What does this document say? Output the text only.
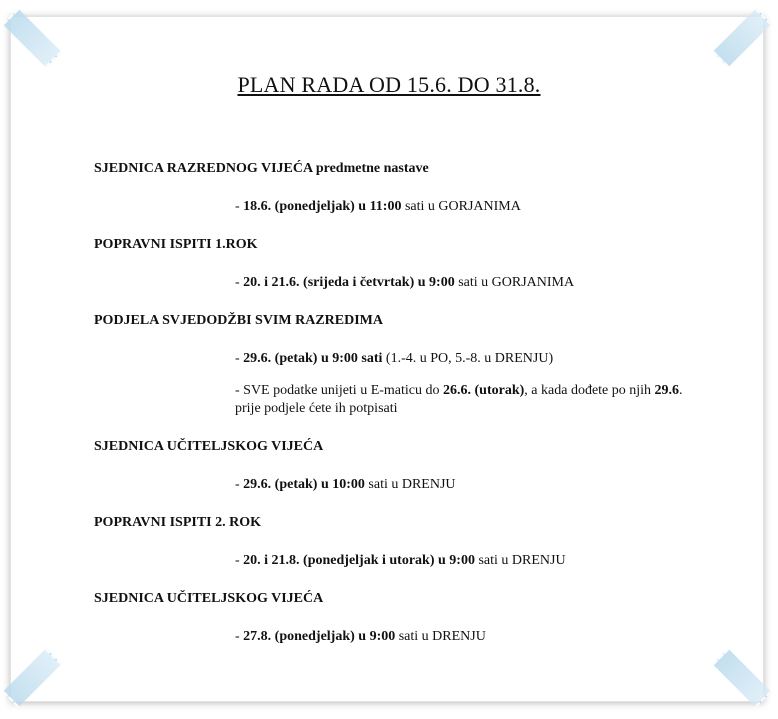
PLAN RADA OD 15.6. DO 31.8.

SJEDNICA RAZREDNOG VIJEĆA predmetne nastave

- 18.6. (ponedjeljak) u 11:00 sati u GORJANIMA

POPRAVNI ISPITI 1.ROK

- 20. i 21.6. (srijeda i četvrtak) u 9:00 sati u GORJANIMA

PODJELA SVJEDODŽBI SVIM RAZREDIMA

- 29.6. (petak) u 9:00 sati (1.-4. u PO, 5.-8. u DRENJU)

- SVE podatke unijeti u E-maticu do 26.6. (utorak), a kada dođete po njih 29.6. prije podjele ćete ih potpisati

SJEDNICA UČITELJSKOG VIJEĆA

- 29.6. (petak) u 10:00 sati u DRENJU

POPRAVNI ISPITI 2. ROK

- 20. i 21.8. (ponedjeljak i utorak) u 9:00 sati u DRENJU

SJEDNICA UČITELJSKOG VIJEĆA

- 27.8. (ponedjeljak) u 9:00 sati u DRENJU
